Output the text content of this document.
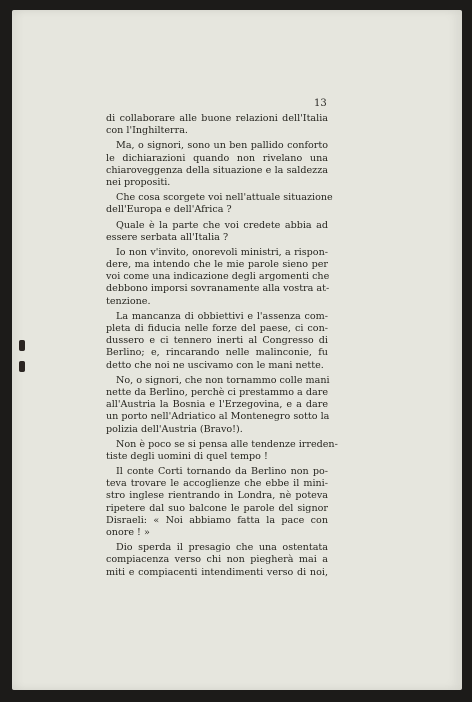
13
di collaborare alle buone relazioni dell'Italia
con l'Inghilterra.
Ma, o signori, sono un ben pallido conforto
le dichiarazioni quando non rivelano una
chiaroveggenza della situazione e la saldezza
nei propositi.
Che cosa scorgete voi nell'attuale situazione
dell'Europa e dell'Africa ?
Quale è la parte che voi credete abbia ad
essere serbata all'Italia ?
Io non v'invito, onorevoli ministri, a rispon-
dere, ma intendo che le mie parole sieno per
voi come una indicazione degli argomenti che
debbono imporsi sovranamente alla vostra at-
tenzione.
La mancanza di obbiettivi e l'assenza com-
pleta di fiducia nelle forze del paese, ci con-
dussero e ci tennero inerti al Congresso di
Berlino; e, rincarando nelle malinconie, fu
detto che noi ne uscivamo con le mani nette.
No, o signori, che non tornammo colle mani
nette da Berlino, perchè ci prestammo a dare
all'Austria la Bosnia e l'Erzegovina, e a dare
un porto nell'Adriatico al Montenegro sotto la
polizia dell'Austria (Bravo!).
Non è poco se si pensa alle tendenze irreden-
tiste degli uomini di quel tempo !
Il conte Corti tornando da Berlino non po-
teva trovare le accoglienze che ebbe il mini-
stro inglese rientrando in Londra, nè poteva
ripetere dal suo balcone le parole del signor
Disraeli: « Noi abbiamo fatta la pace con
onore ! »
Dio sperda il presagio che una ostentata
compiacenza verso chi non piegherà mai a
miti e compiacenti intendimenti verso di noi,
